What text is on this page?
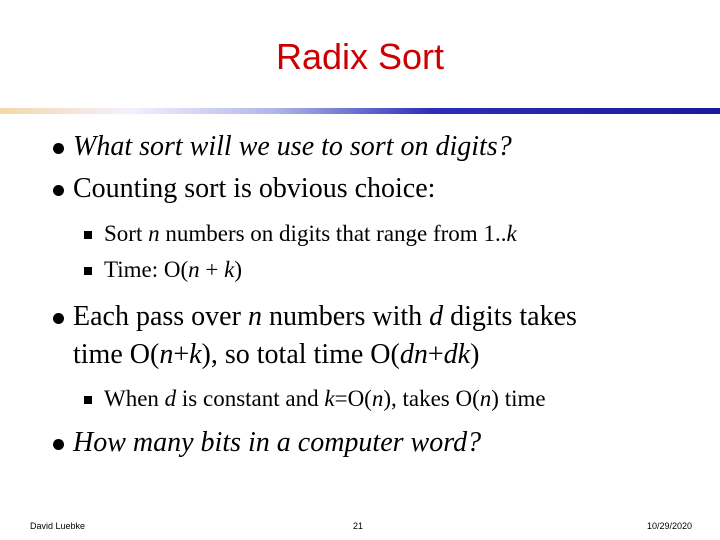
Radix Sort
What sort will we use to sort on digits?
Counting sort is obvious choice:
Sort n numbers on digits that range from 1..k
Time: O(n + k)
Each pass over n numbers with d digits takes
time O(n+k), so total time O(dn+dk)
When d is constant and k=O(n), takes O(n) time
How many bits in a computer word?
David Luebke	21	10/29/2020
